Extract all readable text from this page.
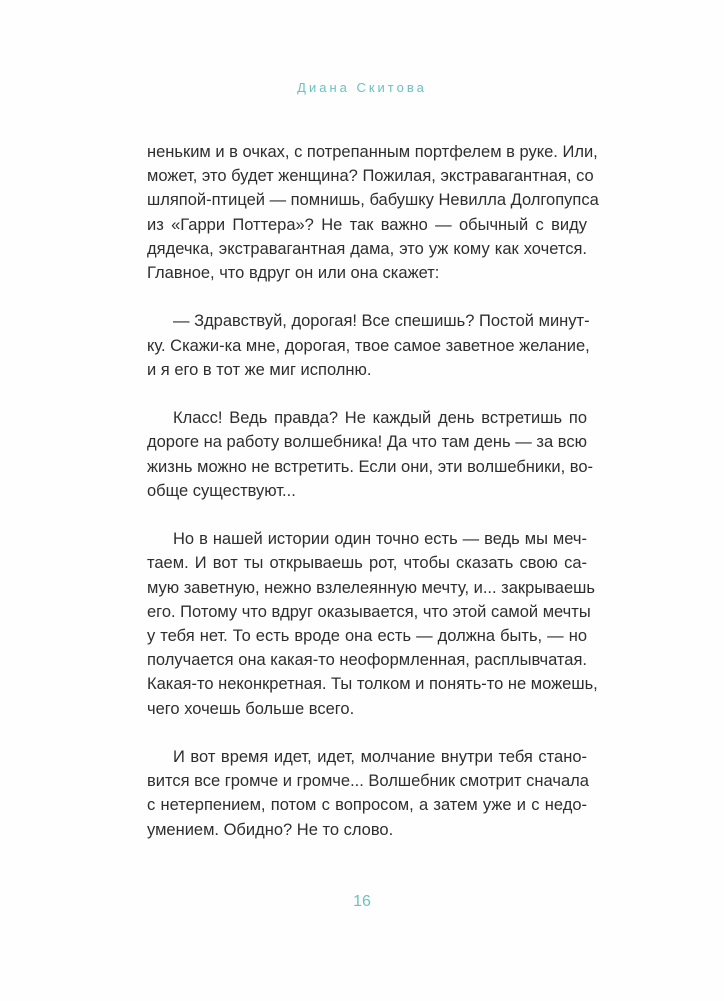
Диана Скитова
неньким и в очках, с потрепанным портфелем в руке. Или,
может, это будет женщина? Пожилая, экстравагантная, со
шляпой-птицей — помнишь, бабушку Невилла Долгопупса
из «Гарри Поттера»? Не так важно — обычный с виду
дядечка, экстравагантная дама, это уж кому как хочется.
Главное, что вдруг он или она скажет:
— Здравствуй, дорогая! Все спешишь? Постой минут-
ку. Скажи-ка мне, дорогая, твое самое заветное желание,
и я его в тот же миг исполню.
Класс! Ведь правда? Не каждый день встретишь по
дороге на работу волшебника! Да что там день — за всю
жизнь можно не встретить. Если они, эти волшебники, во-
обще существуют...
Но в нашей истории один точно есть — ведь мы меч-
таем. И вот ты открываешь рот, чтобы сказать свою са-
мую заветную, нежно взлелеянную мечту, и... закрываешь
его. Потому что вдруг оказывается, что этой самой мечты
у тебя нет. То есть вроде она есть — должна быть, — но
получается она какая-то неоформленная, расплывчатая.
Какая-то неконкретная. Ты толком и понять-то не можешь,
чего хочешь больше всего.
И вот время идет, идет, молчание внутри тебя стано-
вится все громче и громче... Волшебник смотрит сначала
с нетерпением, потом с вопросом, а затем уже и с недо-
умением. Обидно? Не то слово.
16
